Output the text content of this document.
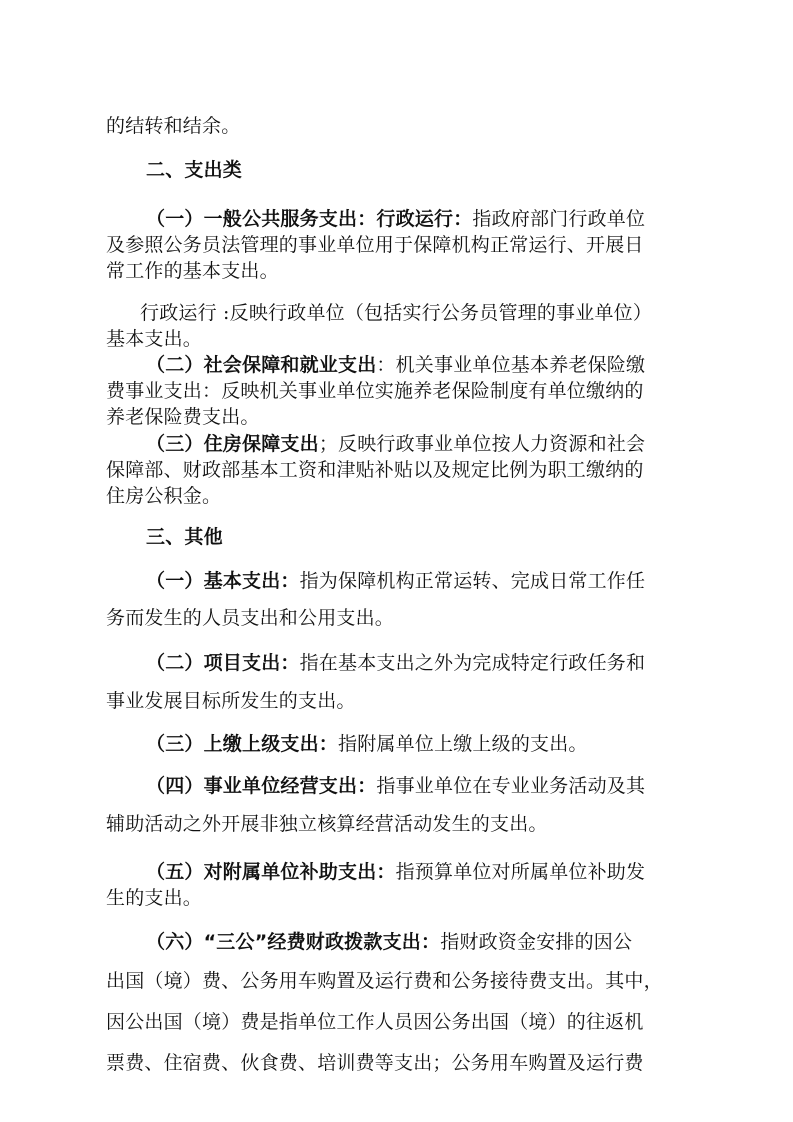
的结转和结余。
二、支出类
（一）一般公共服务支出：行政运行：指政府部门行政单位
及参照公务员法管理的事业单位用于保障机构正常运行、开展日
常工作的基本支出。
行政运行 :反映行政单位（包括实行公务员管理的事业单位）
基本支出。
（二）社会保障和就业支出：机关事业单位基本养老保险缴
费事业支出：反映机关事业单位实施养老保险制度有单位缴纳的
养老保险费支出。
（三）住房保障支出；反映行政事业单位按人力资源和社会
保障部、财政部基本工资和津贴补贴以及规定比例为职工缴纳的
住房公积金。
三、其他
（一）基本支出：指为保障机构正常运转、完成日常工作任
务而发生的人员支出和公用支出。
（二）项目支出：指在基本支出之外为完成特定行政任务和
事业发展目标所发生的支出。
（三）上缴上级支出：指附属单位上缴上级的支出。
（四）事业单位经营支出：指事业单位在专业业务活动及其
辅助活动之外开展非独立核算经营活动发生的支出。
（五）对附属单位补助支出：指预算单位对所属单位补助发
生的支出。
（六）“三公”经费财政拨款支出：指财政资金安排的因公
出国（境）费、公务用车购置及运行费和公务接待费支出。其中，
因公出国（境）费是指单位工作人员因公务出国（境）的往返机
票费、住宿费、伙食费、培训费等支出；公务用车购置及运行费
